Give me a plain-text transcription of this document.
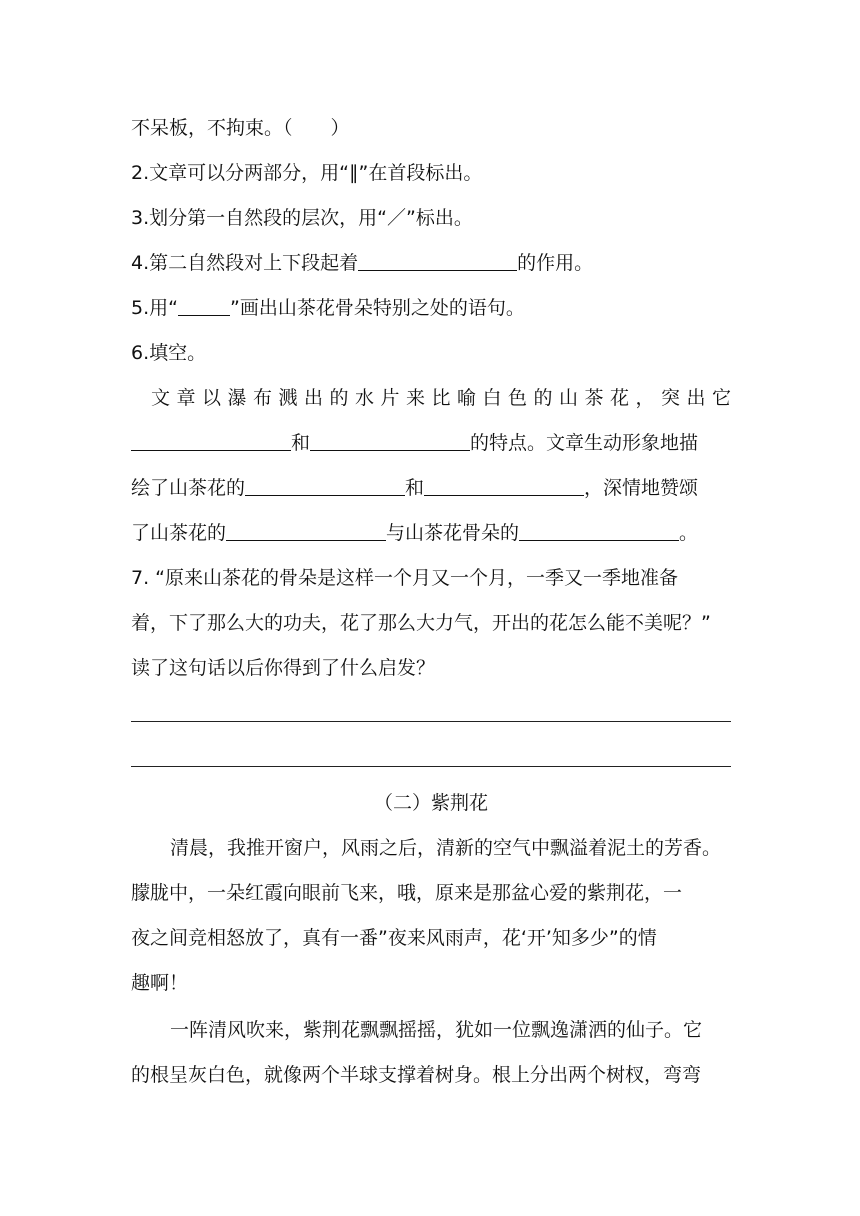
不呆板，不拘束。（　　）
2.文章可以分两部分，用“∥”在首段标出。
3.划分第一自然段的层次，用“／”标出。
4.第二自然段对上下段起着	的作用。
5.用“	”画出山茶花骨朵特别之处的语句。
6.填空。
文章以瀑布溅出的水片来比喻白色的山茶花，突出它
和	的特点。文章生动形象地描
绘了山茶花的	和	，深情地赞颂
了山茶花的	与山茶花骨朵的	。
7. “原来山茶花的骨朵是这样一个月又一个月，一季又一季地准备
着，下了那么大的功夫，花了那么大力气，开出的花怎么能不美呢？”
读了这句话以后你得到了什么启发？
（二）紫荆花
清晨，我推开窗户，风雨之后，清新的空气中飘溢着泥土的芳香。
朦胧中，一朵红霞向眼前飞来，哦，原来是那盆心爱的紫荆花，一
夜之间竞相怒放了，真有一番”夜来风雨声，花‘开’知多少”的情
趣啊！
一阵清风吹来，紫荆花飘飘摇摇，犹如一位飘逸潇洒的仙子。它
的根呈灰白色，就像两个半球支撑着树身。根上分出两个树杈，弯弯
